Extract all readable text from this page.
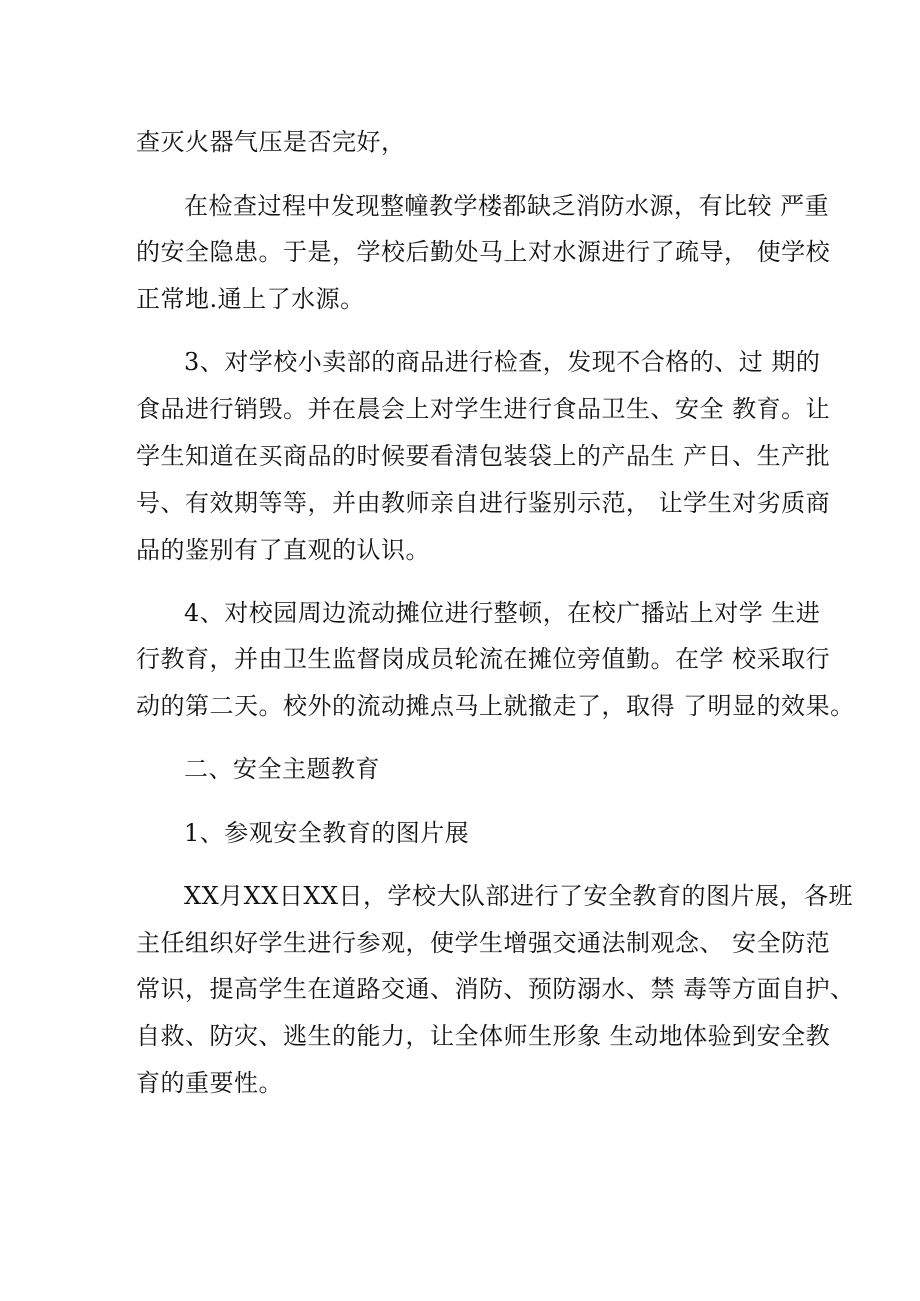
查灭火器气压是否完好，
在检查过程中发现整幢教学楼都缺乏消防水源，有比较 严重
的安全隐患。于是，学校后勤处马上对水源进行了疏导， 使学校
正常地.通上了水源。
3、对学校小卖部的商品进行检查，发现不合格的、过 期的
食品进行销毁。并在晨会上对学生进行食品卫生、安全 教育。让
学生知道在买商品的时候要看清包装袋上的产品生 产日、生产批
号、有效期等等，并由教师亲自进行鉴别示范， 让学生对劣质商
品的鉴别有了直观的认识。
4、对校园周边流动摊位进行整顿，在校广播站上对学 生进
行教育，并由卫生监督岗成员轮流在摊位旁值勤。在学 校采取行
动的第二天。校外的流动摊点马上就撤走了，取得 了明显的效果。
二、安全主题教育
1、参观安全教育的图片展
XX月XX日XX日，学校大队部进行了安全教育的图片展，各班
主任组织好学生进行参观，使学生增强交通法制观念、 安全防范
常识，提高学生在道路交通、消防、预防溺水、禁 毒等方面自护、
自救、防灾、逃生的能力，让全体师生形象 生动地体验到安全教
育的重要性。
